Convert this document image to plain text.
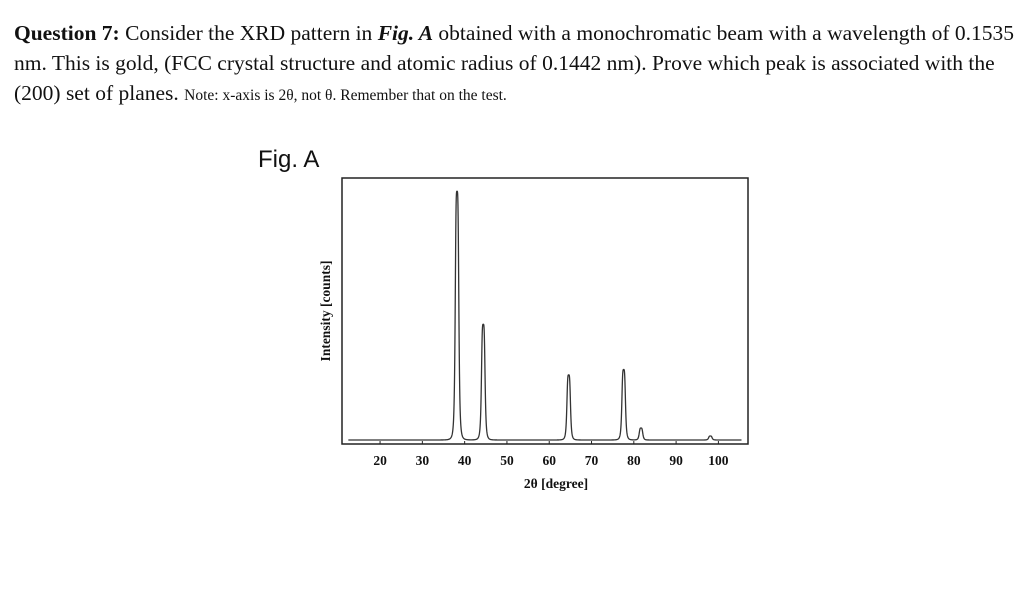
Question 7: Consider the XRD pattern in Fig. A obtained with a monochromatic beam with a wavelength of 0.1535 nm. This is gold, (FCC crystal structure and atomic radius of 0.1442 nm). Prove which peak is associated with the (200) set of planes. Note: x-axis is 2θ, not θ. Remember that on the test.
Fig. A
20 30 40 50 60 70 80 90 100
2θ [degree]
Intensity [counts]
